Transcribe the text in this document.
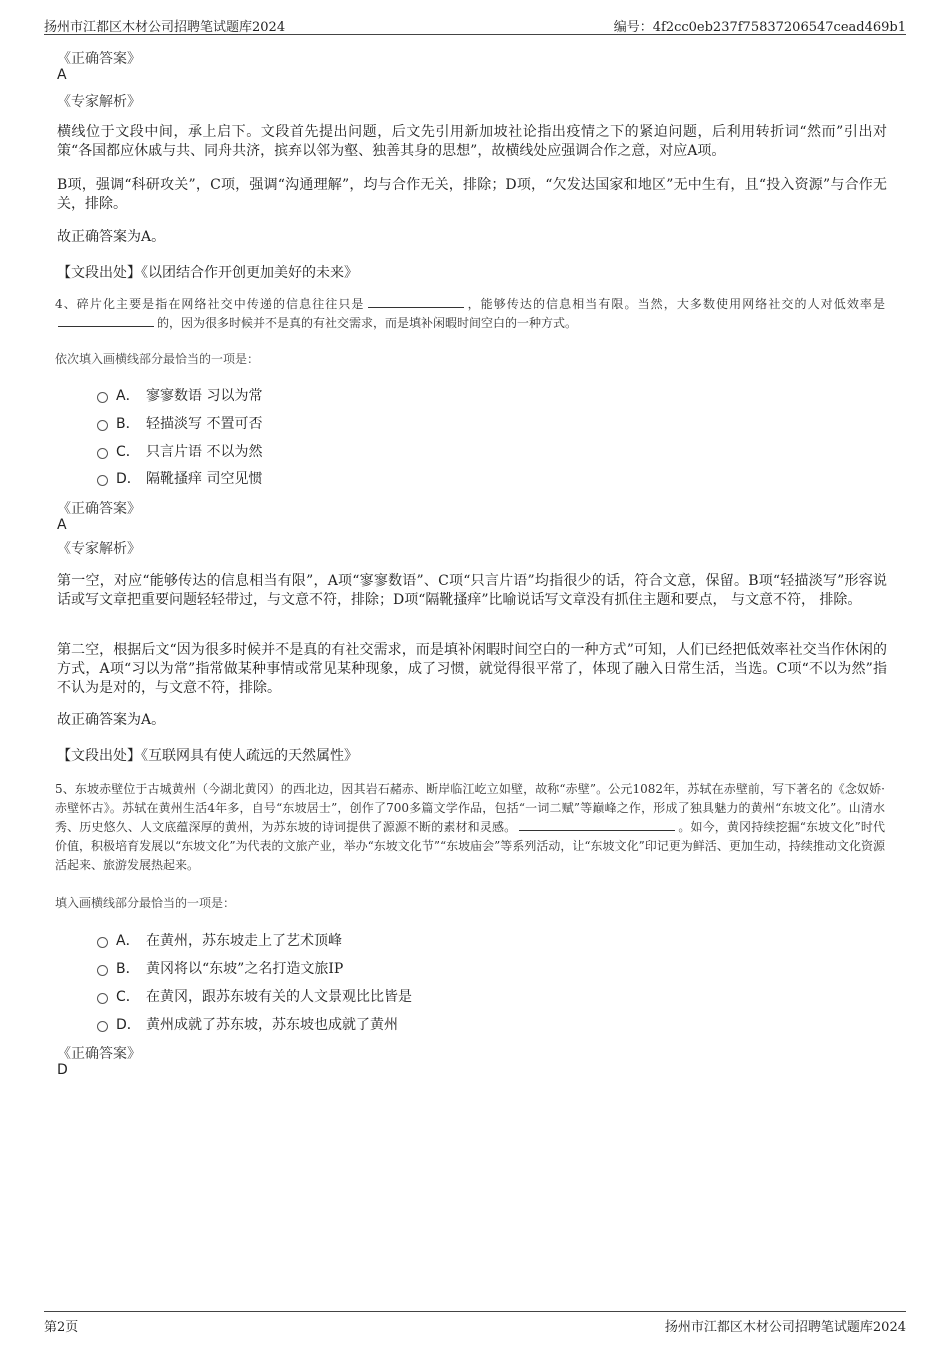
扬州市江都区木材公司招聘笔试题库2024	编号：4f2cc0eb237f75837206547cead469b1
《正确答案》
A
《专家解析》
横线位于文段中间，承上启下。文段首先提出问题，后文先引用新加坡社论指出疫情之下的紧迫问题，后利用转折词“然而”引出对策“各国都应休戚与共、同舟共济，摈弃以邻为壑、独善其身的思想”，故横线处应强调合作之意，对应A项。
B项，强调“科研攻关”，C项，强调“沟通理解”，均与合作无关，排除；D项，“欠发达国家和地区”无中生有，且“投入资源”与合作无关，排除。
故正确答案为A。
【文段出处】《以团结合作开创更加美好的未来》
4、碎片化主要是指在网络社交中传递的信息往往只是	，能够传达的信息相当有限。当然，大多数使用网络社交的人对低效率是的，因为很多时候并不是真的有社交需求，而是填补闲暇时间空白的一种方式。
依次填入画横线部分最恰当的一项是：
A． 寥寥数语 习以为常
B． 轻描淡写 不置可否
C． 只言片语 不以为然
D． 隔靴搔痒 司空见惯
《正确答案》
A
《专家解析》
第一空，对应“能够传达的信息相当有限”，A项“寥寥数语”、C项“只言片语”均指很少的话，符合文意，保留。B项“轻描淡写”形容说话或写文章把重要问题轻轻带过，与文意不符，排除；D项“隔靴搔痒”比喻说话写文章没有抓住主题和要点， 与文意不符， 排除。
第二空，根据后文“因为很多时候并不是真的有社交需求，而是填补闲暇时间空白的一种方式”可知，人们已经把低效率社交当作休闲的方式，A项“习以为常”指常做某种事情或常见某种现象，成了习惯，就觉得很平常了，体现了融入日常生活，当选。C项“不以为然”指不认为是对的，与文意不符，排除。
故正确答案为A。
【文段出处】《互联网具有使人疏远的天然属性》
5、东坡赤壁位于古城黄州（今湖北黄冈）的西北边，因其岩石赭赤、断岸临江屹立如壁，故称“赤壁”。公元1082年，苏轼在赤壁前，写下著名的《念奴娇·赤壁怀古》。苏轼在黄州生活4年多，自号“东坡居士”，创作了700多篇文学作品，包括“一词二赋”等巅峰之作，形成了独具魅力的黄州“东坡文化”。山清水秀、历史悠久、人文底蕴深厚的黄州，为苏东坡的诗词提供了源源不断的素材和灵感。	。如今，黄冈持续挖掘“东坡文化”时代价值，积极培育发展以“东坡文化”为代表的文旅产业，举办“东坡文化节”“东坡庙会”等系列活动，让“东坡文化”印记更为鲜活、更加生动，持续推动文化资源活起来、旅游发展热起来。
填入画横线部分最恰当的一项是：
A． 在黄州，苏东坡走上了艺术顶峰
B． 黄冈将以“东坡”之名打造文旅IP
C． 在黄冈，跟苏东坡有关的人文景观比比皆是
D． 黄州成就了苏东坡，苏东坡也成就了黄州
《正确答案》
D
第2页	扬州市江都区木材公司招聘笔试题库2024
